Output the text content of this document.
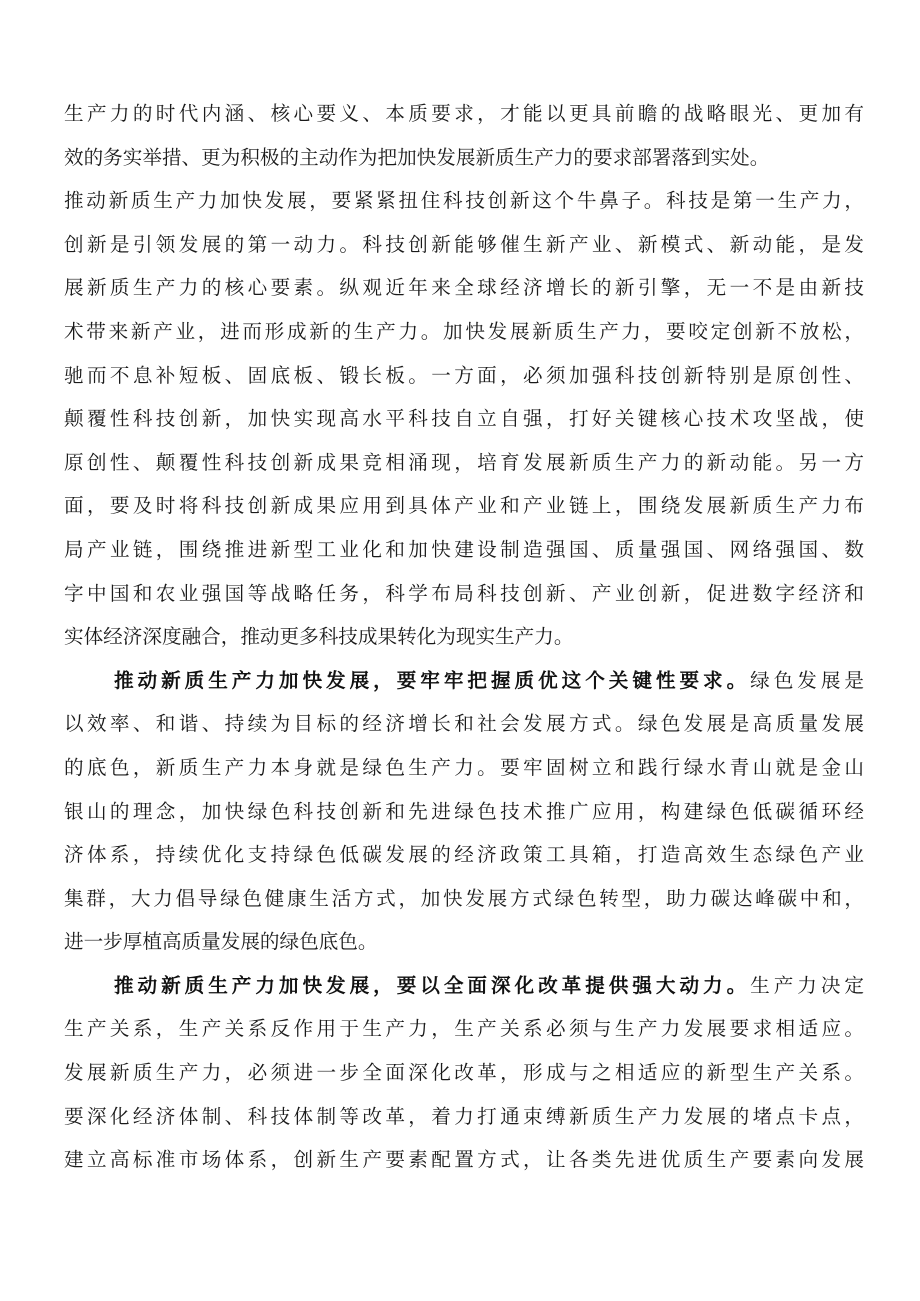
生产力的时代内涵、核心要义、本质要求，才能以更具前瞻的战略眼光、更加有
效的务实举措、更为积极的主动作为把加快发展新质生产力的要求部署落到实处。
推动新质生产力加快发展，要紧紧扭住科技创新这个牛鼻子。科技是第一生产力，
创新是引领发展的第一动力。科技创新能够催生新产业、新模式、新动能，是发
展新质生产力的核心要素。纵观近年来全球经济增长的新引擎，无一不是由新技
术带来新产业，进而形成新的生产力。加快发展新质生产力，要咬定创新不放松，
驰而不息补短板、固底板、锻长板。一方面，必须加强科技创新特别是原创性、
颠覆性科技创新，加快实现高水平科技自立自强，打好关键核心技术攻坚战，使
原创性、颠覆性科技创新成果竞相涌现，培育发展新质生产力的新动能。另一方
面，要及时将科技创新成果应用到具体产业和产业链上，围绕发展新质生产力布
局产业链，围绕推进新型工业化和加快建设制造强国、质量强国、网络强国、数
字中国和农业强国等战略任务，科学布局科技创新、产业创新，促进数字经济和
实体经济深度融合，推动更多科技成果转化为现实生产力。
推动新质生产力加快发展，要牢牢把握质优这个关键性要求。绿色发展是
以效率、和谐、持续为目标的经济增长和社会发展方式。绿色发展是高质量发展
的底色，新质生产力本身就是绿色生产力。要牢固树立和践行绿水青山就是金山
银山的理念，加快绿色科技创新和先进绿色技术推广应用，构建绿色低碳循环经
济体系，持续优化支持绿色低碳发展的经济政策工具箱，打造高效生态绿色产业
集群，大力倡导绿色健康生活方式，加快发展方式绿色转型，助力碳达峰碳中和，
进一步厚植高质量发展的绿色底色。
推动新质生产力加快发展，要以全面深化改革提供强大动力。生产力决定
生产关系，生产关系反作用于生产力，生产关系必须与生产力发展要求相适应。
发展新质生产力，必须进一步全面深化改革，形成与之相适应的新型生产关系。
要深化经济体制、科技体制等改革，着力打通束缚新质生产力发展的堵点卡点，
建立高标准市场体系，创新生产要素配置方式，让各类先进优质生产要素向发展
